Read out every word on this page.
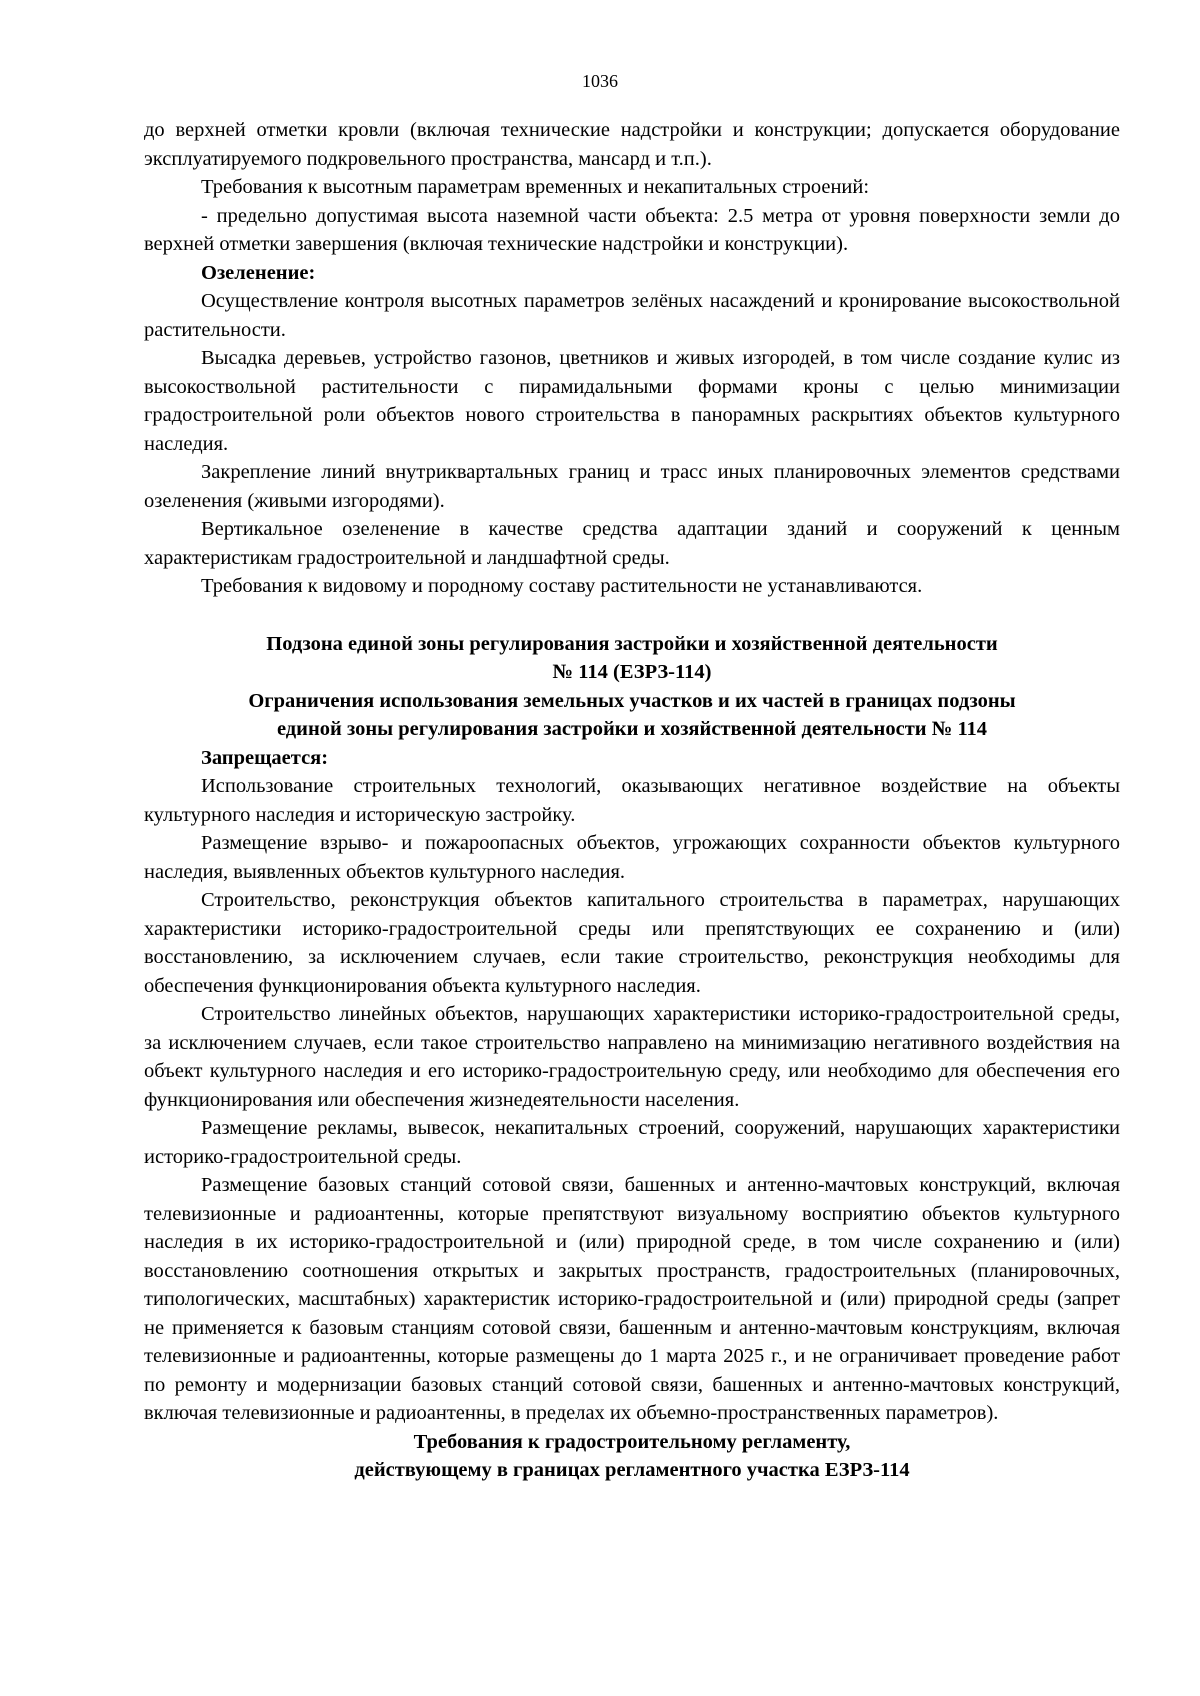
1036

до верхней отметки кровли (включая технические надстройки и конструкции; допускается оборудование эксплуатируемого подкровельного пространства, мансард и т.п.).

Требования к высотным параметрам временных и некапитальных строений:

- предельно допустимая высота наземной части объекта: 2.5 метра от уровня поверхности земли до верхней отметки завершения (включая технические надстройки и конструкции).

Озеленение:

Осуществление контроля высотных параметров зелёных насаждений и кронирование высокоствольной растительности.

Высадка деревьев, устройство газонов, цветников и живых изгородей, в том числе создание кулис из высокоствольной растительности с пирамидальными формами кроны с целью минимизации градостроительной роли объектов нового строительства в панорамных раскрытиях объектов культурного наследия.

Закрепление линий внутриквартальных границ и трасс иных планировочных элементов средствами озеленения (живыми изгородями).

Вертикальное озеленение в качестве средства адаптации зданий и сооружений к ценным характеристикам градостроительной и ландшафтной среды.

Требования к видовому и породному составу растительности не устанавливаются.

Подзона единой зоны регулирования застройки и хозяйственной деятельности

№ 114 (ЕЗРЗ-114)

Ограничения использования земельных участков и их частей в границах подзоны

единой зоны регулирования застройки и хозяйственной деятельности № 114

Запрещается:

Использование строительных технологий, оказывающих негативное воздействие на объекты культурного наследия и историческую застройку.

Размещение взрыво- и пожароопасных объектов, угрожающих сохранности объектов культурного наследия, выявленных объектов культурного наследия.

Строительство, реконструкция объектов капитального строительства в параметрах, нарушающих характеристики историко-градостроительной среды или препятствующих ее сохранению и (или) восстановлению, за исключением случаев, если такие строительство, реконструкция необходимы для обеспечения функционирования объекта культурного наследия.

Строительство линейных объектов, нарушающих характеристики историко-градостроительной среды, за исключением случаев, если такое строительство направлено на минимизацию негативного воздействия на объект культурного наследия и его историко-градостроительную среду, или необходимо для обеспечения его функционирования или обеспечения жизнедеятельности населения.

Размещение рекламы, вывесок, некапитальных строений, сооружений, нарушающих характеристики историко-градостроительной среды.

Размещение базовых станций сотовой связи, башенных и антенно-мачтовых конструкций, включая телевизионные и радиоантенны, которые препятствуют визуальному восприятию объектов культурного наследия в их историко-градостроительной и (или) природной среде, в том числе сохранению и (или) восстановлению соотношения открытых и закрытых пространств, градостроительных (планировочных, типологических, масштабных) характеристик историко-градостроительной и (или) природной среды (запрет не применяется к базовым станциям сотовой связи, башенным и антенно-мачтовым конструкциям, включая телевизионные и радиоантенны, которые размещены до 1 марта 2025 г., и не ограничивает проведение работ по ремонту и модернизации базовых станций сотовой связи, башенных и антенно-мачтовых конструкций, включая телевизионные и радиоантенны, в пределах их объемно-пространственных параметров).

Требования к градостроительному регламенту,

действующему в границах регламентного участка ЕЗРЗ-114
